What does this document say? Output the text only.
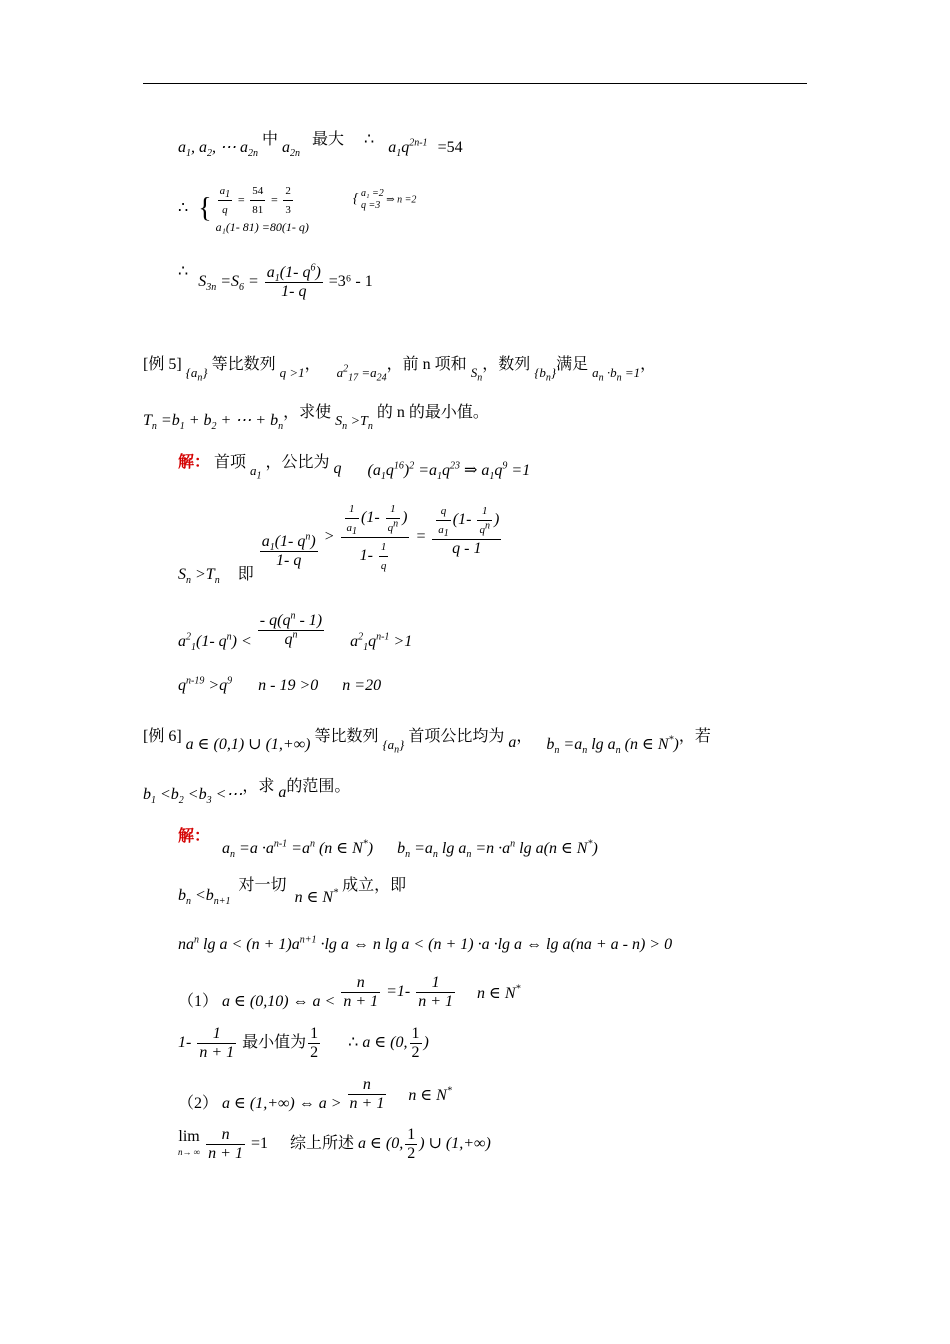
$a_1$, $a_2$, ⋯ $a_{2n}$ 中 $a_{2n}$ 最大 ∴ $a_1q^{2n-1} =54$
∴ { $\frac{a_1}{q} = \frac{54}{81} = \frac{2}{3}$

a₁(1- 81) =80(1- q) { a₁ =2
q =3 ⇒ n =2
∴ $S_{3n} =S_6 = \frac{a_1(1- q^6)}{1- q} =3^6 - 1$
[例 5] $_{\{a_n\}}$ 等比数列 $_{q >1}$， $_{a^2_{17} =a_{24}}$，前 n 项和 $_{S_n}$，数列 $_{\{b_n\}}$满足 $_{a_n \cdot b_n =1}$，
$T_n =b_1 + b_2$ + ⋯ + $b_n$，求使 $S_n >T_n$ 的 n 的最小值。
解： 首项 $_{a_1}$ ，公比为 q $(a_1q^{16})^2 =a_1q^{23}$ ⇒ $a_1q^9 =1$
$S_n >T_n$ 即
$\frac{a_1(1- q^n)}{1- q} > \frac{\frac{1}{a_1} (1- \frac{1}{q^n} )}{1- \frac{1}{q}} = \frac{\frac{q}{a_1} (1- \frac{1}{q^n} )}{q - 1}$
$a^2_1(1-$ $q^n) < \frac{- q(q^n - 1)}{q^n} a^2_1q^{n-1} >1$
$q^{n-19} >q^9$ n - 19 >0 n =20
[例 6] a ∈ (0,1) ∪ (1,+∞) 等比数列 $_{\{a_n\}}$ 首项公比均为 a， $b_n =a_n$ $\lg a_n$ (n ∈ N*)，若
$b_1 <b_2 <b_3$ <⋯，求 a的范围。
解： $a_n =a \cdot a^{n-1} =a^n$ (n ∈ N*) $b_n =a_n$ $\lg a_n =n \cdot a^n$ lg a(n ∈ N*)
$b_n <b_{n+1}$ 对一切 n ∈ N* 成立，即
$na^n$ $\lg a < (n + 1)a^{n+1} \cdot\lg$ a ⇔ n lg a < (n + 1) ·a ·lg a ⇔ lg a(na + a - n) > 0
（1） a ∈ (0,10) ⇔ $a < \frac{n}{n + 1} =1- \frac{1}{n + 1}$ n ∈ N*
$1- \frac{1}{n + 1}$ 最小值为 $\frac{1}{2}$ ∴ a ∈ (0, $\frac{1}{2}$ )
（2） a ∈ (1,+∞) ⇔ $a > \frac{n}{n + 1}$ n ∈ N*
lim
n→ ∞ $\frac{n}{n + 1} =1$ 综上所述 a ∈ (0, $\frac{1}{2}$ ) ∪ (1,+∞)
